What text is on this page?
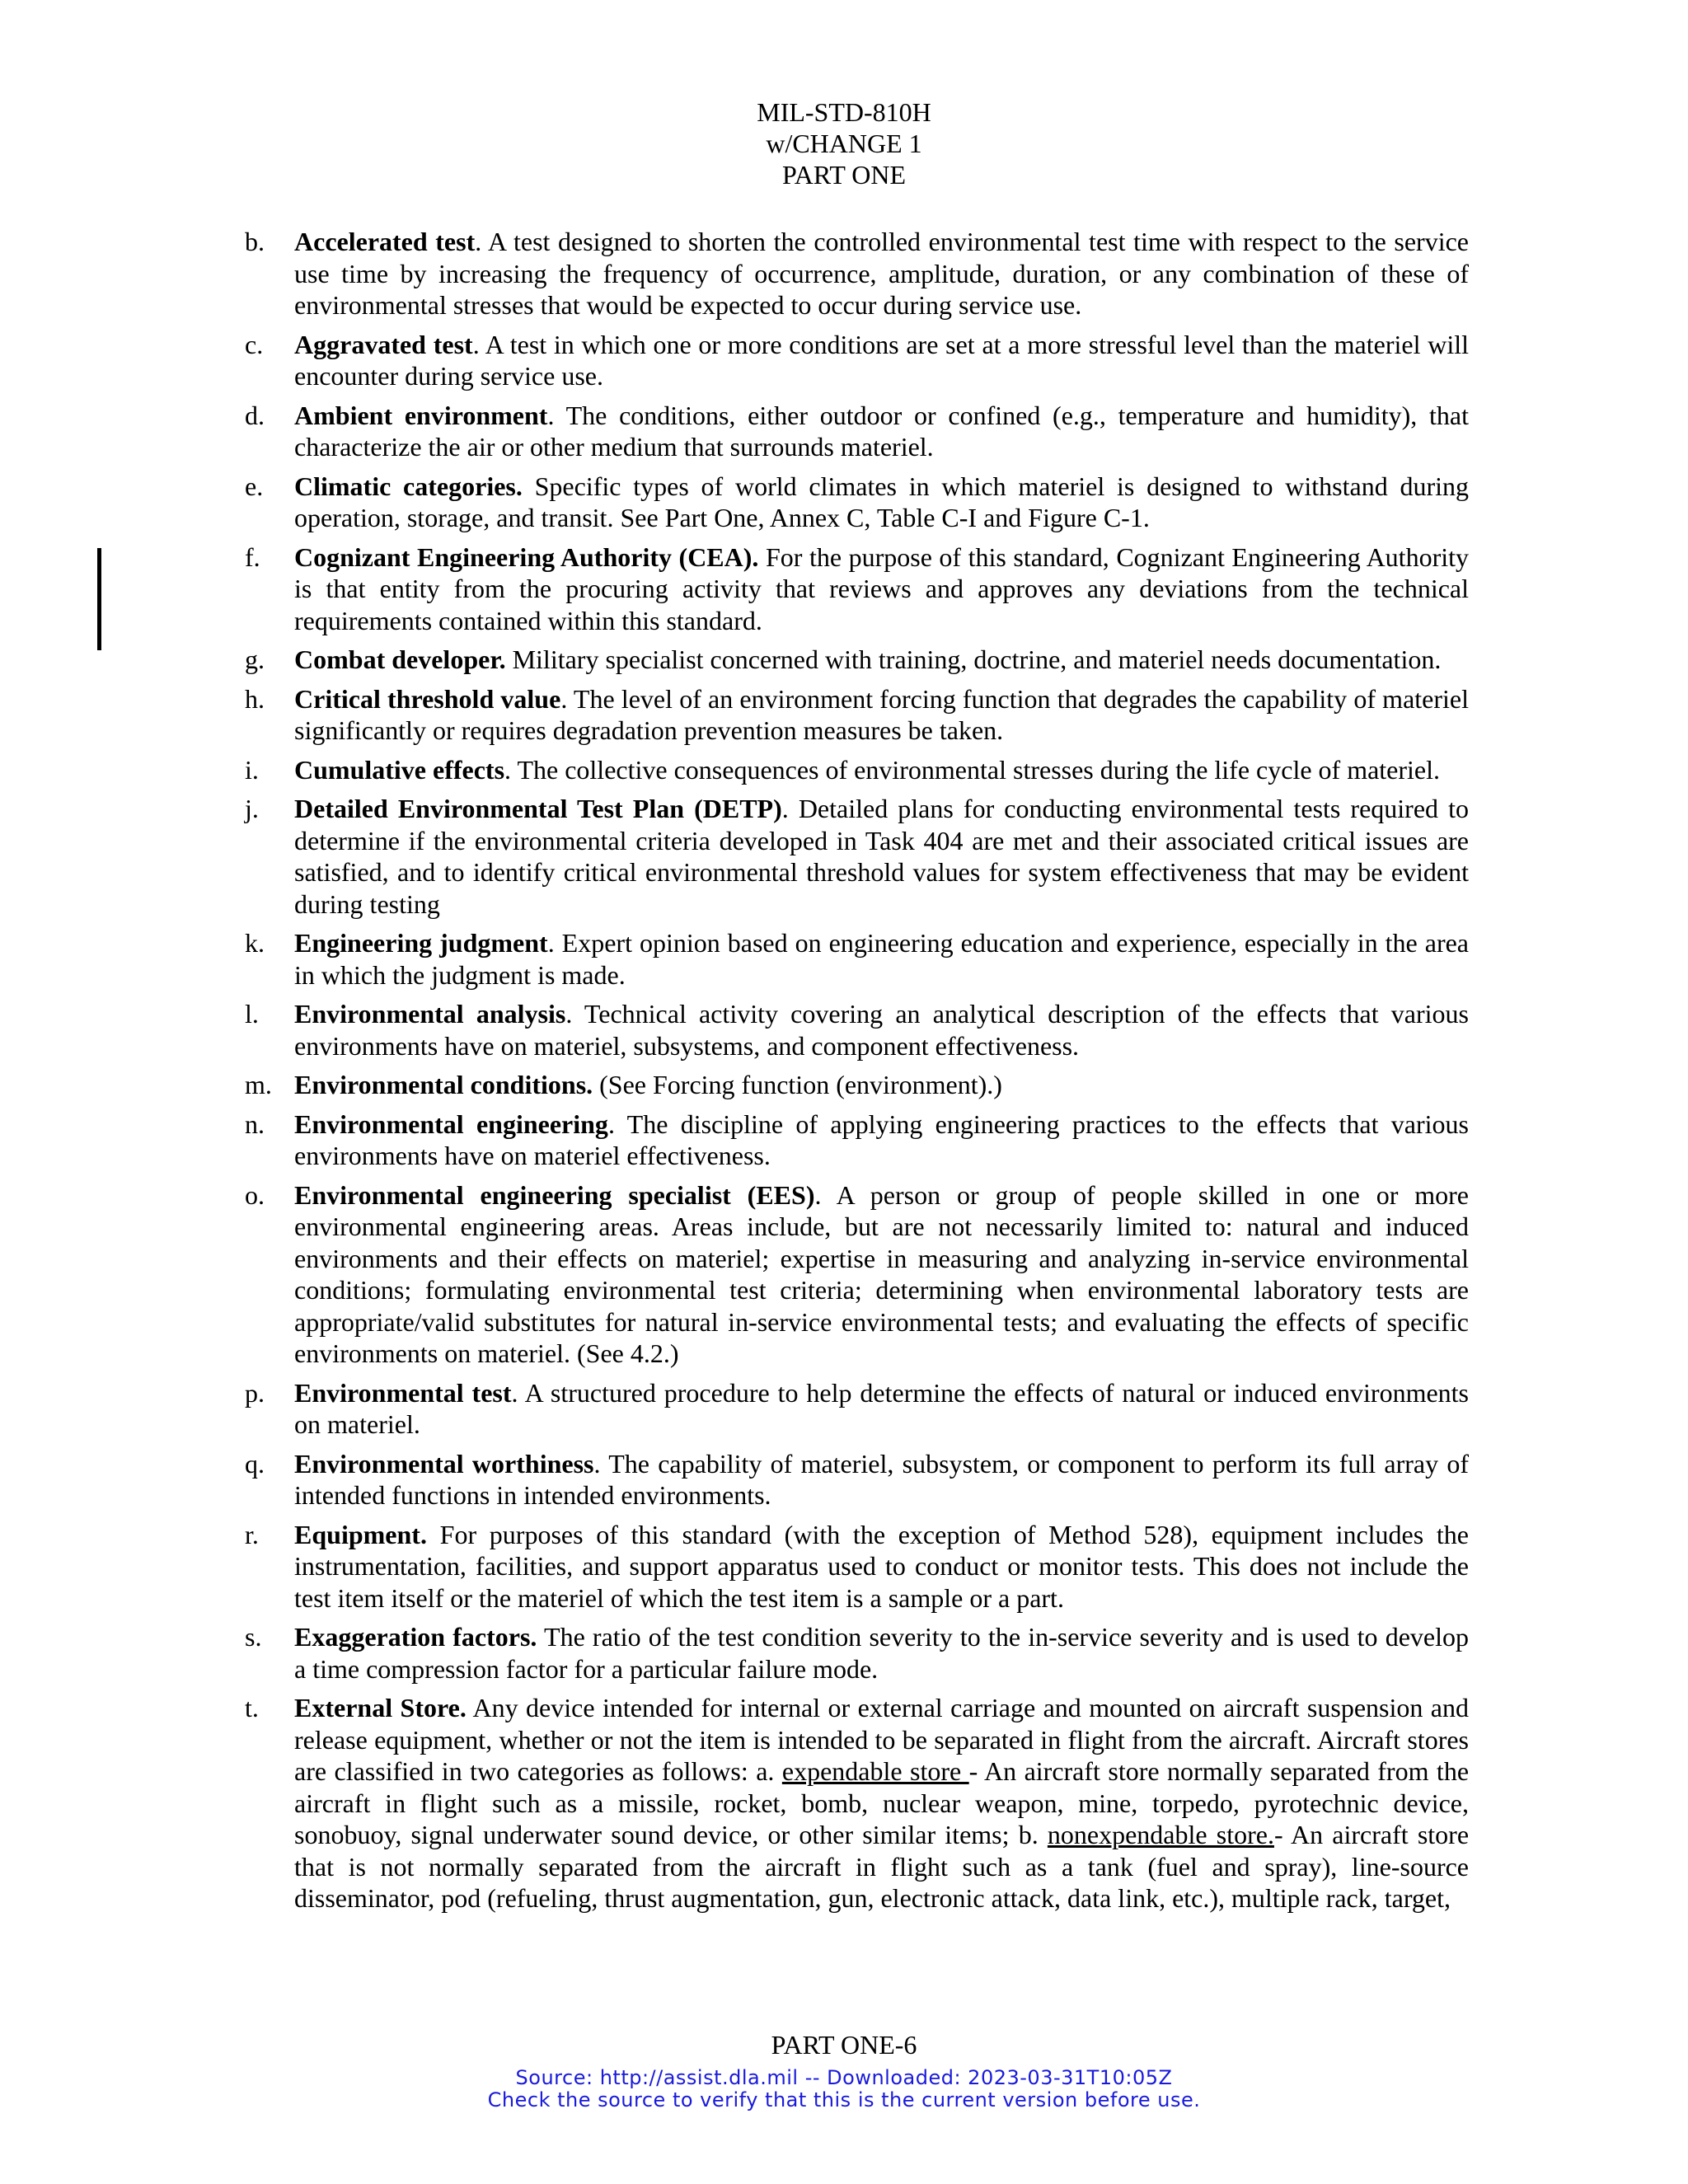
MIL-STD-810H
w/CHANGE 1
PART ONE
b. Accelerated test. A test designed to shorten the controlled environmental test time with respect to the service use time by increasing the frequency of occurrence, amplitude, duration, or any combination of these of environmental stresses that would be expected to occur during service use.
c. Aggravated test. A test in which one or more conditions are set at a more stressful level than the materiel will encounter during service use.
d. Ambient environment. The conditions, either outdoor or confined (e.g., temperature and humidity), that characterize the air or other medium that surrounds materiel.
e. Climatic categories. Specific types of world climates in which materiel is designed to withstand during operation, storage, and transit. See Part One, Annex C, Table C-I and Figure C-1.
f. Cognizant Engineering Authority (CEA). For the purpose of this standard, Cognizant Engineering Authority is that entity from the procuring activity that reviews and approves any deviations from the technical requirements contained within this standard.
g. Combat developer. Military specialist concerned with training, doctrine, and materiel needs documentation.
h. Critical threshold value. The level of an environment forcing function that degrades the capability of materiel significantly or requires degradation prevention measures be taken.
i. Cumulative effects. The collective consequences of environmental stresses during the life cycle of materiel.
j. Detailed Environmental Test Plan (DETP). Detailed plans for conducting environmental tests required to determine if the environmental criteria developed in Task 404 are met and their associated critical issues are satisfied, and to identify critical environmental threshold values for system effectiveness that may be evident during testing
k. Engineering judgment. Expert opinion based on engineering education and experience, especially in the area in which the judgment is made.
l. Environmental analysis. Technical activity covering an analytical description of the effects that various environments have on materiel, subsystems, and component effectiveness.
m. Environmental conditions. (See Forcing function (environment).)
n. Environmental engineering. The discipline of applying engineering practices to the effects that various environments have on materiel effectiveness.
o. Environmental engineering specialist (EES). A person or group of people skilled in one or more environmental engineering areas. Areas include, but are not necessarily limited to: natural and induced environments and their effects on materiel; expertise in measuring and analyzing in-service environmental conditions; formulating environmental test criteria; determining when environmental laboratory tests are appropriate/valid substitutes for natural in-service environmental tests; and evaluating the effects of specific environments on materiel. (See 4.2.)
p. Environmental test. A structured procedure to help determine the effects of natural or induced environments on materiel.
q. Environmental worthiness. The capability of materiel, subsystem, or component to perform its full array of intended functions in intended environments.
r. Equipment. For purposes of this standard (with the exception of Method 528), equipment includes the instrumentation, facilities, and support apparatus used to conduct or monitor tests. This does not include the test item itself or the materiel of which the test item is a sample or a part.
s. Exaggeration factors. The ratio of the test condition severity to the in-service severity and is used to develop a time compression factor for a particular failure mode.
t. External Store. Any device intended for internal or external carriage and mounted on aircraft suspension and release equipment, whether or not the item is intended to be separated in flight from the aircraft. Aircraft stores are classified in two categories as follows: a. expendable store - An aircraft store normally separated from the aircraft in flight such as a missile, rocket, bomb, nuclear weapon, mine, torpedo, pyrotechnic device, sonobuoy, signal underwater sound device, or other similar items; b. nonexpendable store.- An aircraft store that is not normally separated from the aircraft in flight such as a tank (fuel and spray), line-source disseminator, pod (refueling, thrust augmentation, gun, electronic attack, data link, etc.), multiple rack, target,
PART ONE-6
Source: http://assist.dla.mil -- Downloaded: 2023-03-31T10:05Z
Check the source to verify that this is the current version before use.
